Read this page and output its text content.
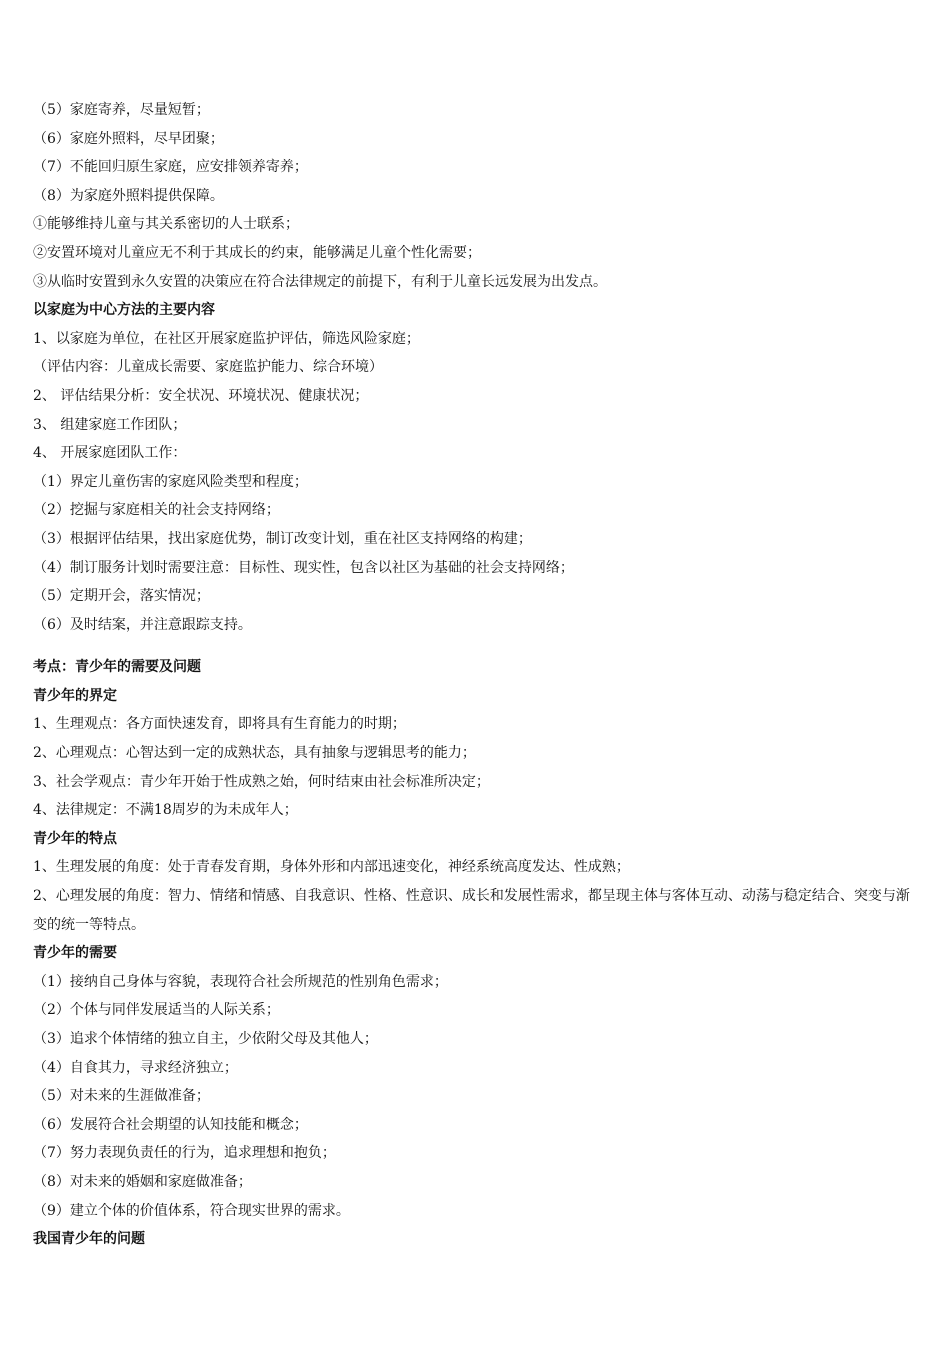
（5）家庭寄养，尽量短暂；
（6）家庭外照料，尽早团聚；
（7）不能回归原生家庭，应安排领养寄养；
（8）为家庭外照料提供保障。
①能够维持儿童与其关系密切的人士联系；
②安置环境对儿童应无不利于其成长的约束，能够满足儿童个性化需要；
③从临时安置到永久安置的决策应在符合法律规定的前提下，有利于儿童长远发展为出发点。
以家庭为中心方法的主要内容
1、以家庭为单位，在社区开展家庭监护评估，筛选风险家庭；
（评估内容：儿童成长需要、家庭监护能力、综合环境）
2、 评估结果分析：安全状况、环境状况、健康状况；
3、 组建家庭工作团队；
4、 开展家庭团队工作：
（1）界定儿童伤害的家庭风险类型和程度；
（2）挖掘与家庭相关的社会支持网络；
（3）根据评估结果，找出家庭优势，制订改变计划，重在社区支持网络的构建；
（4）制订服务计划时需要注意：目标性、现实性，包含以社区为基础的社会支持网络；
（5）定期开会，落实情况；
（6）及时结案，并注意跟踪支持。
考点：青少年的需要及问题
青少年的界定
1、生理观点：各方面快速发育，即将具有生育能力的时期；
2、心理观点：心智达到一定的成熟状态，具有抽象与逻辑思考的能力；
3、社会学观点：青少年开始于性成熟之始，何时结束由社会标准所决定；
4、法律规定：不满18周岁的为未成年人；
青少年的特点
1、生理发展的角度：处于青春发育期，身体外形和内部迅速变化，神经系统高度发达、性成熟；
2、心理发展的角度：智力、情绪和情感、自我意识、性格、性意识、成长和发展性需求，都呈现主体与客体互动、动荡与稳定结合、突变与渐变的统一等特点。
青少年的需要
（1）接纳自己身体与容貌，表现符合社会所规范的性别角色需求；
（2）个体与同伴发展适当的人际关系；
（3）追求个体情绪的独立自主，少依附父母及其他人；
（4）自食其力，寻求经济独立；
（5）对未来的生涯做准备；
（6）发展符合社会期望的认知技能和概念；
（7）努力表现负责任的行为，追求理想和抱负；
（8）对未来的婚姻和家庭做准备；
（9）建立个体的价值体系，符合现实世界的需求。
我国青少年的问题
